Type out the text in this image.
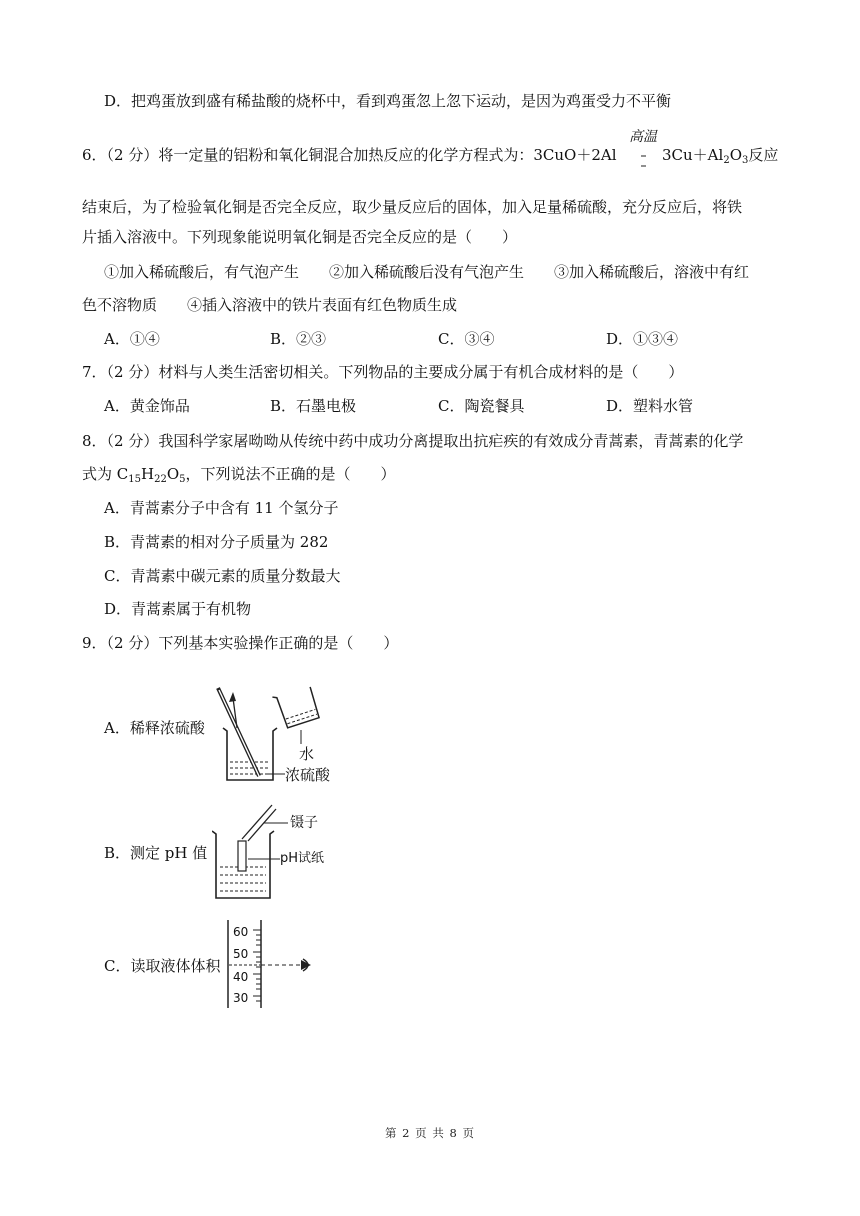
D．把鸡蛋放到盛有稀盐酸的烧杯中，看到鸡蛋忽上忽下运动，是因为鸡蛋受力不平衡
6．（2 分）将一定量的铝粉和氧化铜混合加热反应的化学方程式为：3CuO＋2Al
高温
$3Cu+Al_2O_3$反应
结束后，为了检验氧化铜是否完全反应，取少量反应后的固体，加入足量稀硫酸，充分反应后，将铁
片插入溶液中。下列现象能说明氧化铜是否完全反应的是（　　）
①加入稀硫酸后，有气泡产生　　②加入稀硫酸后没有气泡产生　　③加入稀硫酸后，溶液中有红
色不溶物质　　④插入溶液中的铁片表面有红色物质生成
A．①④	B．②③	C．③④	D．①③④
7．（2 分）材料与人类生活密切相关。下列物品的主要成分属于有机合成材料的是（　　）
A．黄金饰品	B．石墨电极	C．陶瓷餐具	D．塑料水管
8．（2 分）我国科学家屠呦呦从传统中药中成功分离提取出抗疟疾的有效成分青蒿素，青蒿素的化学
式为 $C_{15}H_{22}O_5$，下列说法不正确的是（　　）
A．青蒿素分子中含有 11 个氢分子
B．青蒿素的相对分子质量为 282
C．青蒿素中碳元素的质量分数最大
D．青蒿素属于有机物
9．（2 分）下列基本实验操作正确的是（　　）
A．稀释浓硫酸
水
浓硫酸
B．测定 pH 值
镊子
pH试纸
C．读取液体体积
60
50
40
30
第 2 页 共 8 页
